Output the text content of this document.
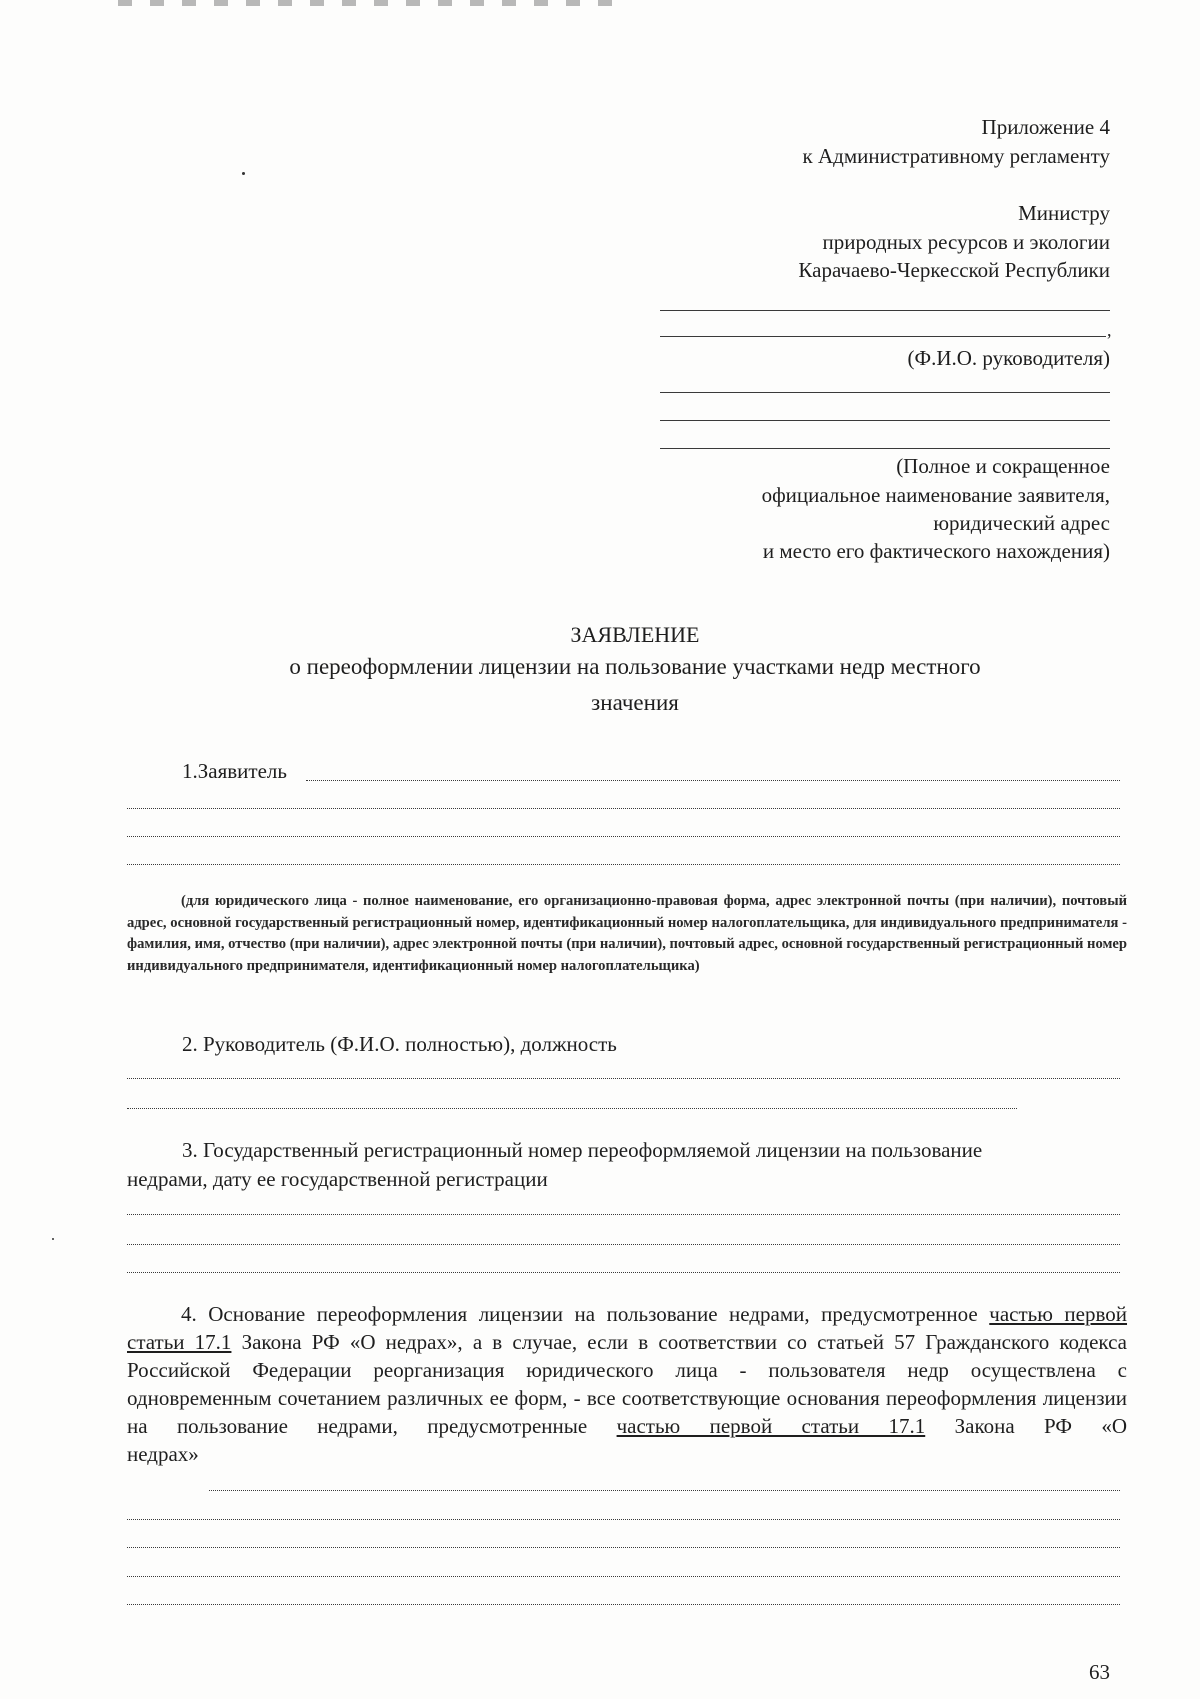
Приложение 4
к Административному регламенту
Министру
природных ресурсов и экологии
Карачаево-Черкесской Республики
,
(Ф.И.О. руководителя)
(Полное и сокращенное
официальное наименование заявителя,
юридический адрес
и место его фактического нахождения)
ЗАЯВЛЕНИЕ
о переоформлении лицензии на пользование участками недр местного
значения
1.Заявитель
(для юридического лица - полное наименование, его организационно-правовая форма, адрес электронной почты (при наличии), почтовый адрес, основной государственный регистрационный номер, идентификационный номер налогоплательщика, для индивидуального предпринимателя - фамилия, имя, отчество (при наличии), адрес электронной почты (при наличии), почтовый адрес, основной государственный регистрационный номер индивидуального предпринимателя, идентификационный номер налогоплательщика)
2. Руководитель (Ф.И.О. полностью), должность
3. Государственный регистрационный номер переоформляемой лицензии на пользование
недрами, дату ее государственной регистрации
4. Основание переоформления лицензии на пользование недрами, предусмотренное частью первой статьи 17.1 Закона РФ «О недрах», а в случае, если в соответствии со статьей 57 Гражданского кодекса Российской Федерации реорганизация юридического лица - пользователя недр осуществлена с одновременным сочетанием различных ее форм, - все соответствующие основания переоформления лицензии на пользование недрами, предусмотренные частью первой статьи 17.1 Закона РФ «О
недрах»
63
